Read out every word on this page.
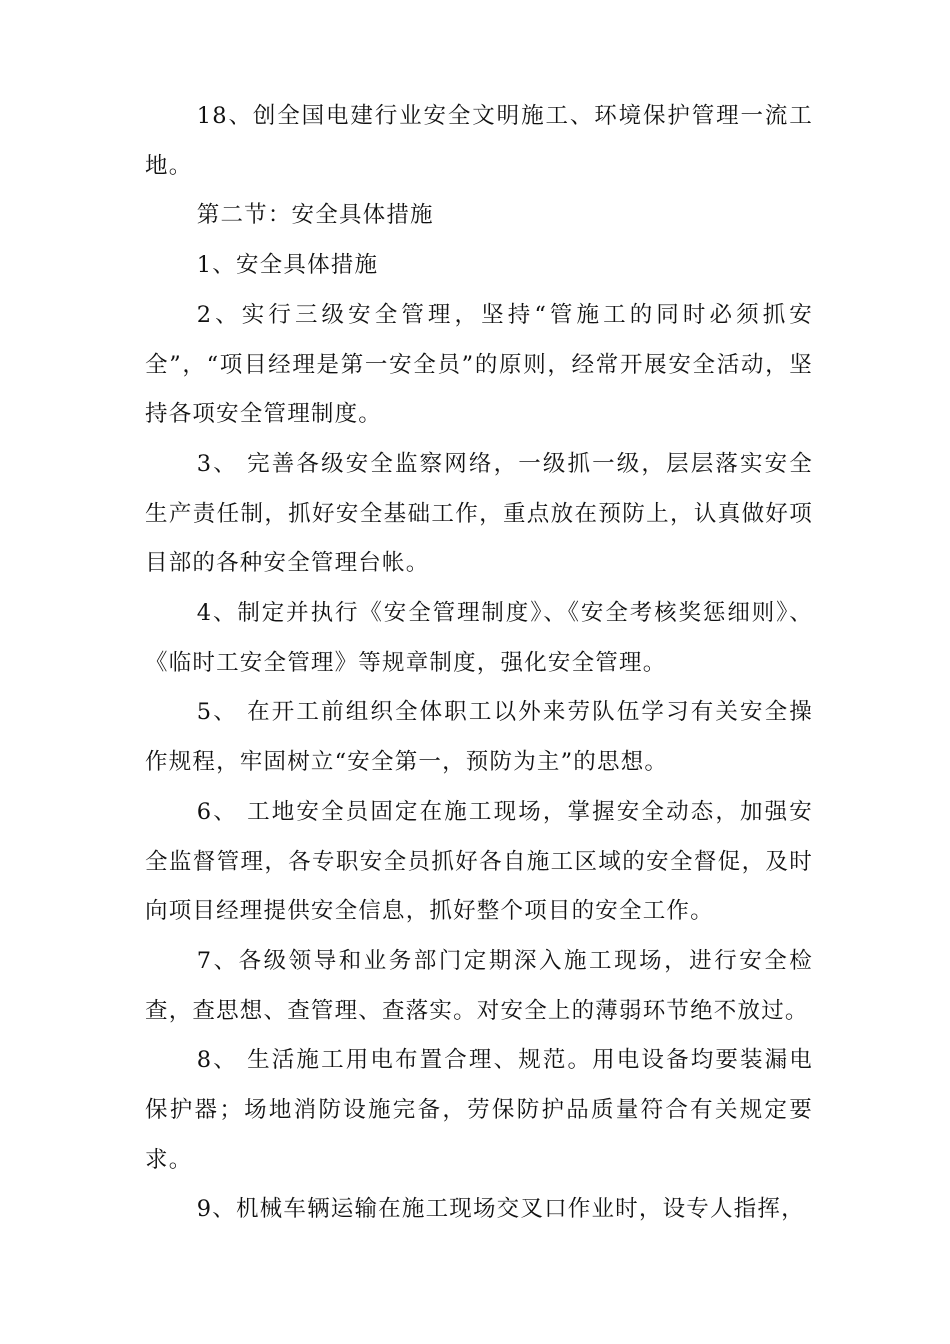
18、创全国电建行业安全文明施工、环境保护管理一流工地。

第二节：安全具体措施

1、安全具体措施

2、实行三级安全管理，坚持“管施工的同时必须抓安全”，“项目经理是第一安全员”的原则，经常开展安全活动，坚持各项安全管理制度。

3、 完善各级安全监察网络，一级抓一级，层层落实安全生产责任制，抓好安全基础工作，重点放在预防上，认真做好项目部的各种安全管理台帐。

4、制定并执行《安全管理制度》、《安全考核奖惩细则》、《临时工安全管理》等规章制度，强化安全管理。

5、 在开工前组织全体职工以外来劳队伍学习有关安全操作规程，牢固树立“安全第一，预防为主”的思想。

6、 工地安全员固定在施工现场，掌握安全动态，加强安全监督管理，各专职安全员抓好各自施工区域的安全督促，及时向项目经理提供安全信息，抓好整个项目的安全工作。

7、各级领导和业务部门定期深入施工现场，进行安全检查，查思想、查管理、查落实。对安全上的薄弱环节绝不放过。

8、 生活施工用电布置合理、规范。用电设备均要装漏电保护器；场地消防设施完备，劳保防护品质量符合有关规定要求。

9、机械车辆运输在施工现场交叉口作业时，设专人指挥，
